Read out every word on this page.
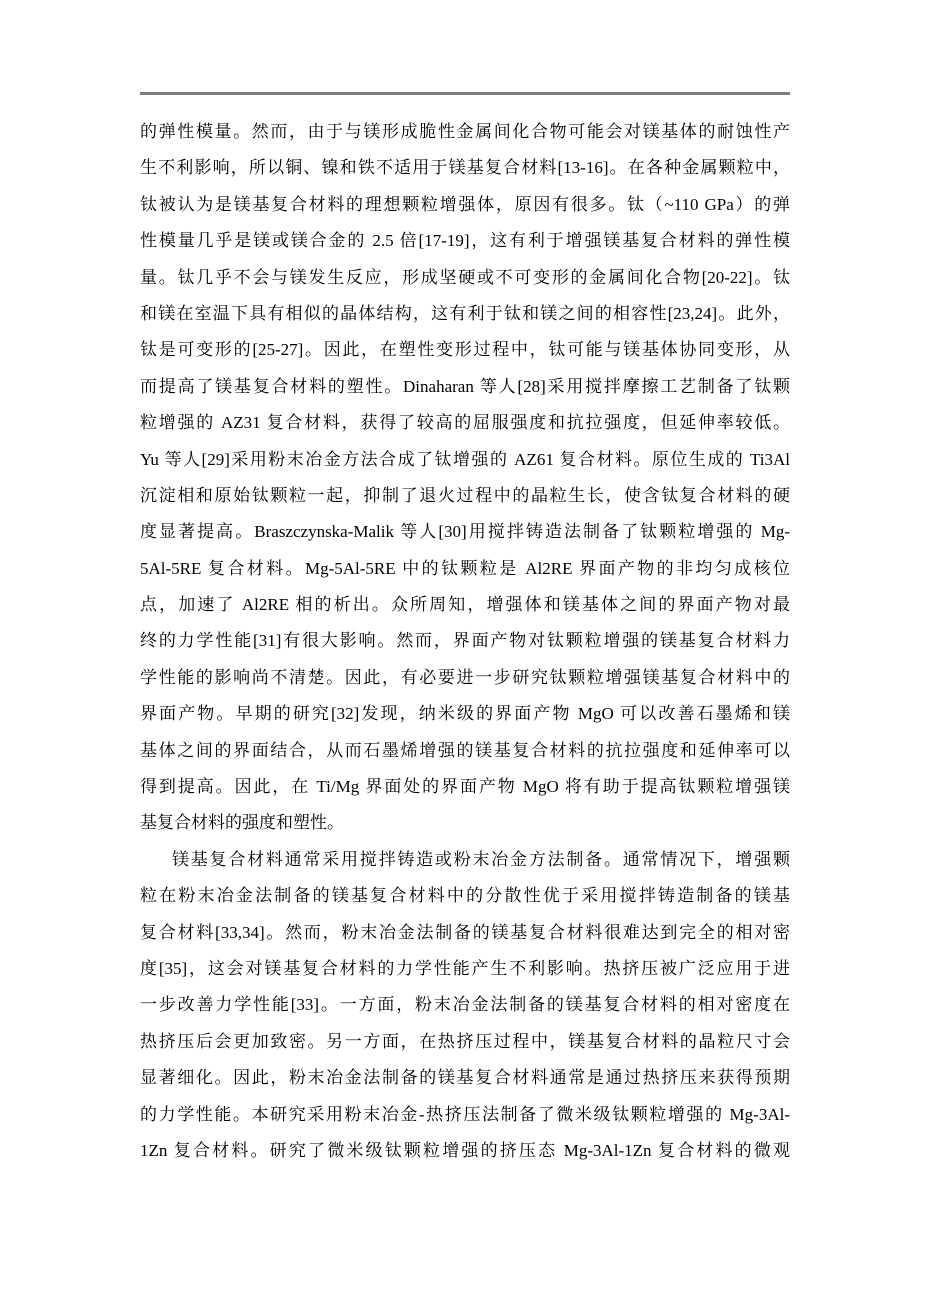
的弹性模量。然而，由于与镁形成脆性金属间化合物可能会对镁基体的耐蚀性产

生不利影响，所以铜、镍和铁不适用于镁基复合材料[13-16]。在各种金属颗粒中，

钛被认为是镁基复合材料的理想颗粒增强体，原因有很多。钛（~110 GPa）的弹

性模量几乎是镁或镁合金的 2.5 倍[17-19]，这有利于增强镁基复合材料的弹性模

量。钛几乎不会与镁发生反应，形成坚硬或不可变形的金属间化合物[20-22]。钛

和镁在室温下具有相似的晶体结构，这有利于钛和镁之间的相容性[23,24]。此外，

钛是可变形的[25-27]。因此，在塑性变形过程中，钛可能与镁基体协同变形，从

而提高了镁基复合材料的塑性。Dinaharan 等人[28]采用搅拌摩擦工艺制备了钛颗

粒增强的 AZ31 复合材料，获得了较高的屈服强度和抗拉强度，但延伸率较低。

Yu 等人[29]采用粉末冶金方法合成了钛增强的 AZ61 复合材料。原位生成的 Ti3Al

沉淀相和原始钛颗粒一起，抑制了退火过程中的晶粒生长，使含钛复合材料的硬

度显著提高。Braszczynska-Malik 等人[30]用搅拌铸造法制备了钛颗粒增强的 Mg-

5Al-5RE 复合材料。Mg-5Al-5RE 中的钛颗粒是 Al2RE 界面产物的非均匀成核位

点，加速了 Al2RE 相的析出。众所周知，增强体和镁基体之间的界面产物对最

终的力学性能[31]有很大影响。然而，界面产物对钛颗粒增强的镁基复合材料力

学性能的影响尚不清楚。因此，有必要进一步研究钛颗粒增强镁基复合材料中的

界面产物。早期的研究[32]发现，纳米级的界面产物 MgO 可以改善石墨烯和镁

基体之间的界面结合，从而石墨烯增强的镁基复合材料的抗拉强度和延伸率可以

得到提高。因此，在 Ti/Mg 界面处的界面产物 MgO 将有助于提高钛颗粒增强镁

基复合材料的强度和塑性。

镁基复合材料通常采用搅拌铸造或粉末冶金方法制备。通常情况下，增强颗

粒在粉末冶金法制备的镁基复合材料中的分散性优于采用搅拌铸造制备的镁基

复合材料[33,34]。然而，粉末冶金法制备的镁基复合材料很难达到完全的相对密

度[35]，这会对镁基复合材料的力学性能产生不利影响。热挤压被广泛应用于进

一步改善力学性能[33]。一方面，粉末冶金法制备的镁基复合材料的相对密度在

热挤压后会更加致密。另一方面，在热挤压过程中，镁基复合材料的晶粒尺寸会

显著细化。因此，粉末冶金法制备的镁基复合材料通常是通过热挤压来获得预期

的力学性能。本研究采用粉末冶金-热挤压法制备了微米级钛颗粒增强的 Mg-3Al-

1Zn 复合材料。研究了微米级钛颗粒增强的挤压态 Mg-3Al-1Zn 复合材料的微观
